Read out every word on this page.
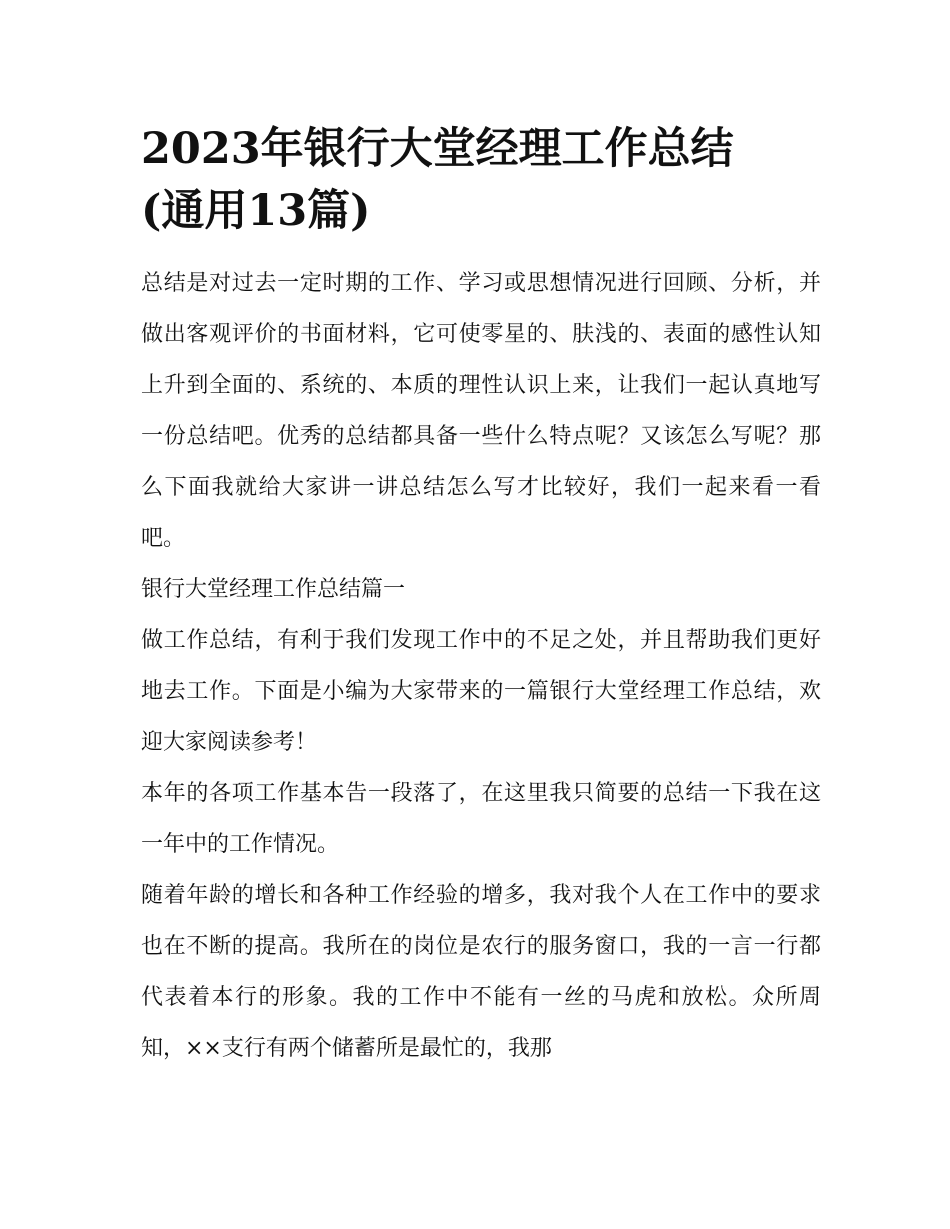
2023年银行大堂经理工作总结
(通用13篇)

总结是对过去一定时期的工作、学习或思想情况进行回顾、分析，并做出客观评价的书面材料，它可使零星的、肤浅的、表面的感性认知上升到全面的、系统的、本质的理性认识上来，让我们一起认真地写一份总结吧。优秀的总结都具备一些什么特点呢？又该怎么写呢？那么下面我就给大家讲一讲总结怎么写才比较好，我们一起来看一看吧。

银行大堂经理工作总结篇一

做工作总结，有利于我们发现工作中的不足之处，并且帮助我们更好地去工作。下面是小编为大家带来的一篇银行大堂经理工作总结，欢迎大家阅读参考！

本年的各项工作基本告一段落了，在这里我只简要的总结一下我在这一年中的工作情况。

随着年龄的增长和各种工作经验的增多，我对我个人在工作中的要求也在不断的提高。我所在的岗位是农行的服务窗口，我的一言一行都代表着本行的形象。我的工作中不能有一丝的马虎和放松。众所周知，××支行有两个储蓄所是最忙的，我那
